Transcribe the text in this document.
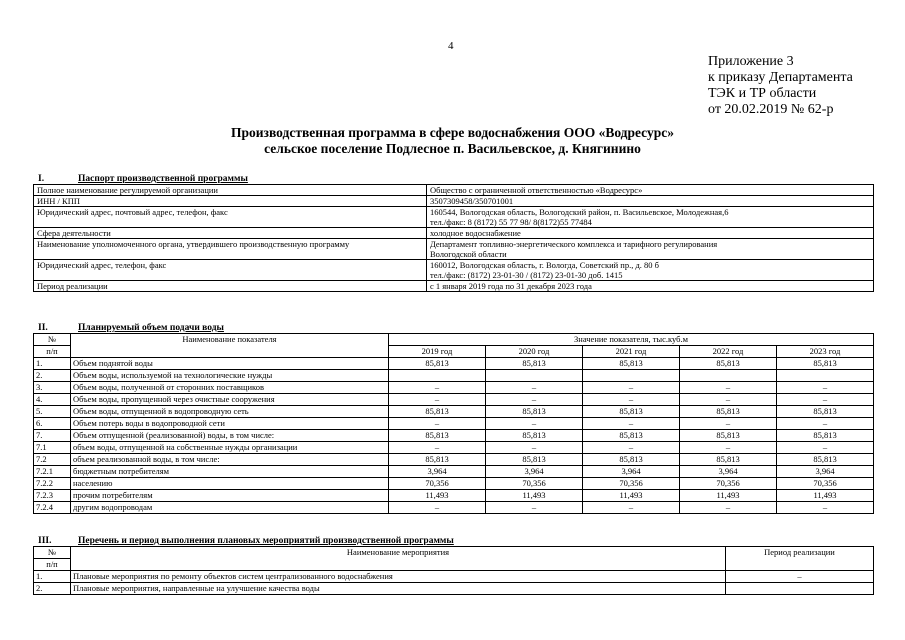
4
Приложение 3
к приказу Департамента
ТЭК и ТР области
от 20.02.2019 № 62-р
Производственная программа в сфере водоснабжения ООО «Водресурс»
сельское поселение Подлесное п. Васильевское, д. Княгинино
I.	Паспорт производственной программы
Полное наименование регулируемой организации	Общество с ограниченной ответственностью «Водресурс»

ИНН / КПП	3507309458/350701001

Юридический адрес, почтовый адрес, телефон, факс	160544, Вологодская область, Вологодский район, п. Васильевское, Молодежная,6
тел./факс: 8 (8172) 55 77 98/ 8(8172)55 77484

Сфера деятельности	холодное водоснабжение

Наименование уполномоченного органа, утвердившего производственную программу	Департамент топливно-энергетического комплекса и тарифного регулирования
Вологодской области

Юридический адрес, телефон, факс	160012, Вологодская область, г. Вологда, Советский пр., д. 80 б
тел./факс: (8172) 23-01-30 / (8172) 23-01-30 доб. 1415

Период реализации	с 1 января 2019 года по 31 декабря 2023 года
II.	Планируемый объем подачи воды
№	Наименование показателя	Значение показателя, тыс.куб.м				
п/п		2019 год	2020 год	2021 год	2022 год	2023 год
1.	Объем поднятой воды	85,813	85,813	85,813	85,813	85,813
2.	Объем воды, используемой на технологические нужды					
3.	Объем воды, полученной от сторонних поставщиков	–	–	–	–	–
4.	Объем воды, пропущенной через очистные сооружения	–	–	–	–	–
5.	Объем воды, отпущенной в водопроводную сеть	85,813	85,813	85,813	85,813	85,813
6.	Объем потерь воды в водопроводной сети	–	–	–	–	–
7.	Объем отпущенной (реализованной) воды, в том числе:	85,813	85,813	85,813	85,813	85,813
7.1	объем воды, отпущенной на собственные нужды организации	–	–	–	–	–
7.2	объем реализованной воды, в том числе:	85,813	85,813	85,813	85,813	85,813
7.2.1	бюджетным потребителям	3,964	3,964	3,964	3,964	3,964
7.2.2	населению	70,356	70,356	70,356	70,356	70,356
7.2.3	прочим потребителям	11,493	11,493	11,493	11,493	11,493
7.2.4	другим водопроводам	–	–	–	–	–
III.	Перечень и период выполнения плановых мероприятий производственной программы
№	Наименование мероприятия	Период реализации
п/п		
1.	Плановые мероприятия по ремонту объектов систем централизованного водоснабжения	–
2.	Плановые мероприятия, направленные на улучшение качества воды	
